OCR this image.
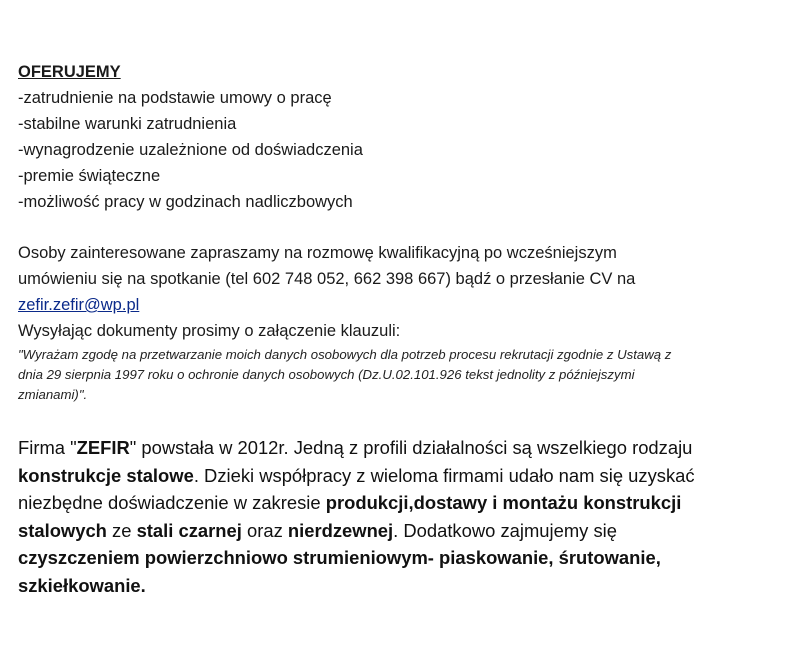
OFERUJEMY
-zatrudnienie na podstawie umowy o pracę
-stabilne warunki zatrudnienia
-wynagrodzenie uzależnione od doświadczenia
-premie świąteczne
-możliwość pracy w godzinach nadliczbowych
Osoby zainteresowane zapraszamy na rozmowę kwalifikacyjną po wcześniejszym
umówieniu się na spotkanie (tel 602 748 052, 662 398 667) bądź o przesłanie CV na
zefir.zefir@wp.pl
Wysyłając dokumenty prosimy o załączenie klauzuli:
"Wyrażam zgodę na przetwarzanie moich danych osobowych dla potrzeb procesu rekrutacji zgodnie z Ustawą z
dnia 29 sierpnia 1997 roku o ochronie danych osobowych (Dz.U.02.101.926 tekst jednolity z późniejszymi
zmianami)".
Firma "ZEFIR" powstała w 2012r. Jedną z profili działalności są wszelkiego rodzaju
konstrukcje stalowe. Dzieki współpracy z wieloma firmami udało nam się uzyskać
niezbędne doświadczenie w zakresie produkcji,dostawy i montażu konstrukcji
stalowych ze stali czarnej oraz nierdzewnej. Dodatkowo zajmujemy się
czyszczeniem powierzchniowo strumieniowym- piaskowanie, śrutowanie,
szkiełkowanie.
